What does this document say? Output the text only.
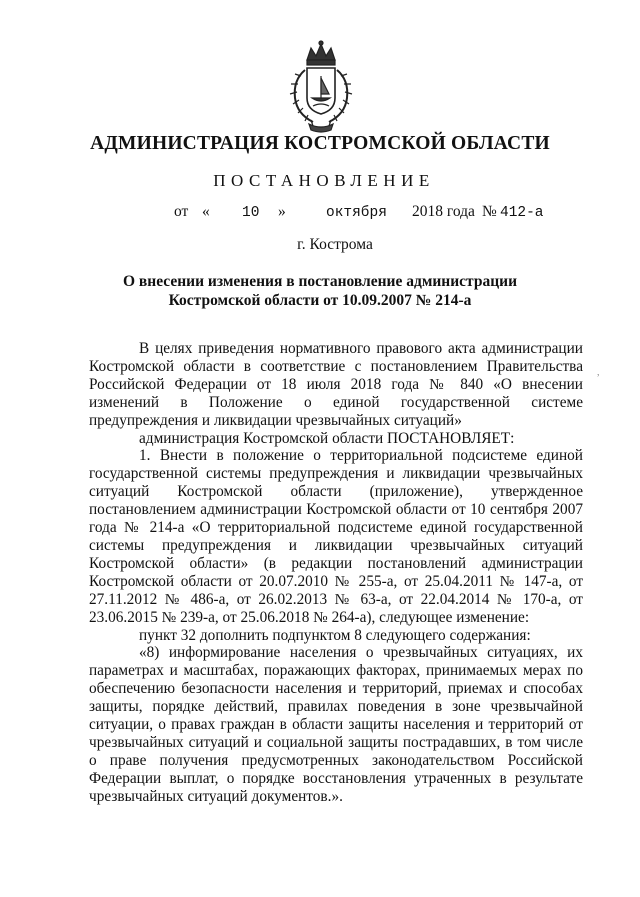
АДМИНИСТРАЦИЯ КОСТРОМСКОЙ ОБЛАСТИ
ПОСТАНОВЛЕНИЕ
от « 10 »	октября 2018 года № 412-а
г. Кострома
О внесении изменения в постановление администрации
Костромской области от 10.09.2007 № 214-а

В целях приведения нормативного правового акта администрации Костромской области в соответствие с постановлением Правительства Российской Федерации от 18 июля 2018 года № 840 «О внесении изменений в Положение о единой государственной системе предупреждения и ликвидации чрезвычайных ситуаций»

администрация Костромской области ПОСТАНОВЛЯЕТ:

1. Внести в положение о территориальной подсистеме единой государственной системы предупреждения и ликвидации чрезвычайных ситуаций Костромской области (приложение), утвержденное постановлением администрации Костромской области от 10 сентября 2007 года № 214-а «О территориальной подсистеме единой государственной системы предупреждения и ликвидации чрезвычайных ситуаций Костромской области» (в редакции постановлений администрации Костромской области от 20.07.2010 № 255-а, от 25.04.2011 № 147-а, от 27.11.2012 № 486-а, от 26.02.2013 № 63-а, от 22.04.2014 № 170-а, от 23.06.2015 № 239-а, от 25.06.2018 № 264-а), следующее изменение:

пункт 32 дополнить подпунктом 8 следующего содержания:

«8) информирование населения о чрезвычайных ситуациях, их параметрах и масштабах, поражающих факторах, принимаемых мерах по обеспечению безопасности населения и территорий, приемах и способах защиты, порядке действий, правилах поведения в зоне чрезвычайной ситуации, о правах граждан в области защиты населения и территорий от чрезвычайных ситуаций и социальной защиты пострадавших, в том числе о праве получения предусмотренных законодательством Российской Федерации выплат, о порядке восстановления утраченных в результате чрезвычайных ситуаций документов.».

,
